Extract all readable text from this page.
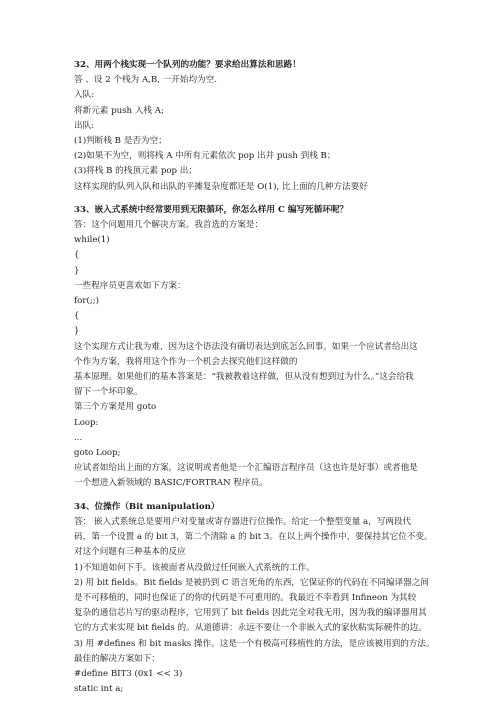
32、用两个栈实现一个队列的功能？要求给出算法和思路！
答 、设 2 个栈为 A,B, 一开始均为空.
入队:
将新元素 push 入栈 A;
出队:
(1)判断栈 B 是否为空；
(2)如果不为空，则将栈 A 中所有元素依次 pop 出并 push 到栈 B；
(3)将栈 B 的栈顶元素 pop 出；
这样实现的队列入队和出队的平摊复杂度都还是 O(1), 比上面的几种方法要好
33、嵌入式系统中经常要用到无限循环，你怎么样用 C 编写死循环呢？
答：这个问题用几个解决方案。我首选的方案是：
while(1)
{
}
一些程序员更喜欢如下方案：
for(;;)
{
}
这个实现方式让我为难，因为这个语法没有确切表达到底怎么回事。如果一个应试者给出这
个作为方案，我将用这个作为一个机会去探究他们这样做的
基本原理。如果他们的基本答案是：“我被教着这样做，但从没有想到过为什么。”这会给我
留下一个坏印象。
第三个方案是用 goto
Loop:
...
goto Loop;
应试者如给出上面的方案，这说明或者他是一个汇编语言程序员（这也许是好事）或者他是
一个想进入新领域的 BASIC/FORTRAN 程序员。
34、位操作（Bit manipulation）
答： 嵌入式系统总是要用户对变量或寄存器进行位操作。给定一个整型变量 a，写两段代
码，第一个设置 a 的 bit 3，第二个清除 a 的 bit 3。在以上两个操作中，要保持其它位不变。
对这个问题有三种基本的反应
1)不知道如何下手。该被面者从没做过任何嵌入式系统的工作。
2) 用 bit fields。Bit fields 是被扔到 C 语言死角的东西，它保证你的代码在不同编译器之间
是不可移植的，同时也保证了的你的代码是不可重用的。我最近不幸看到 Infineon 为其较
复杂的通信芯片写的驱动程序，它用到了 bit fields 因此完全对我无用，因为我的编译器用其
它的方式来实现 bit fields 的。从道德讲：永远不要让一个非嵌入式的家伙粘实际硬件的边。
3) 用 #defines 和 bit masks 操作。这是一个有极高可移植性的方法，是应该被用到的方法。
最佳的解决方案如下：
#define BIT3 (0x1 << 3)
static int a;
